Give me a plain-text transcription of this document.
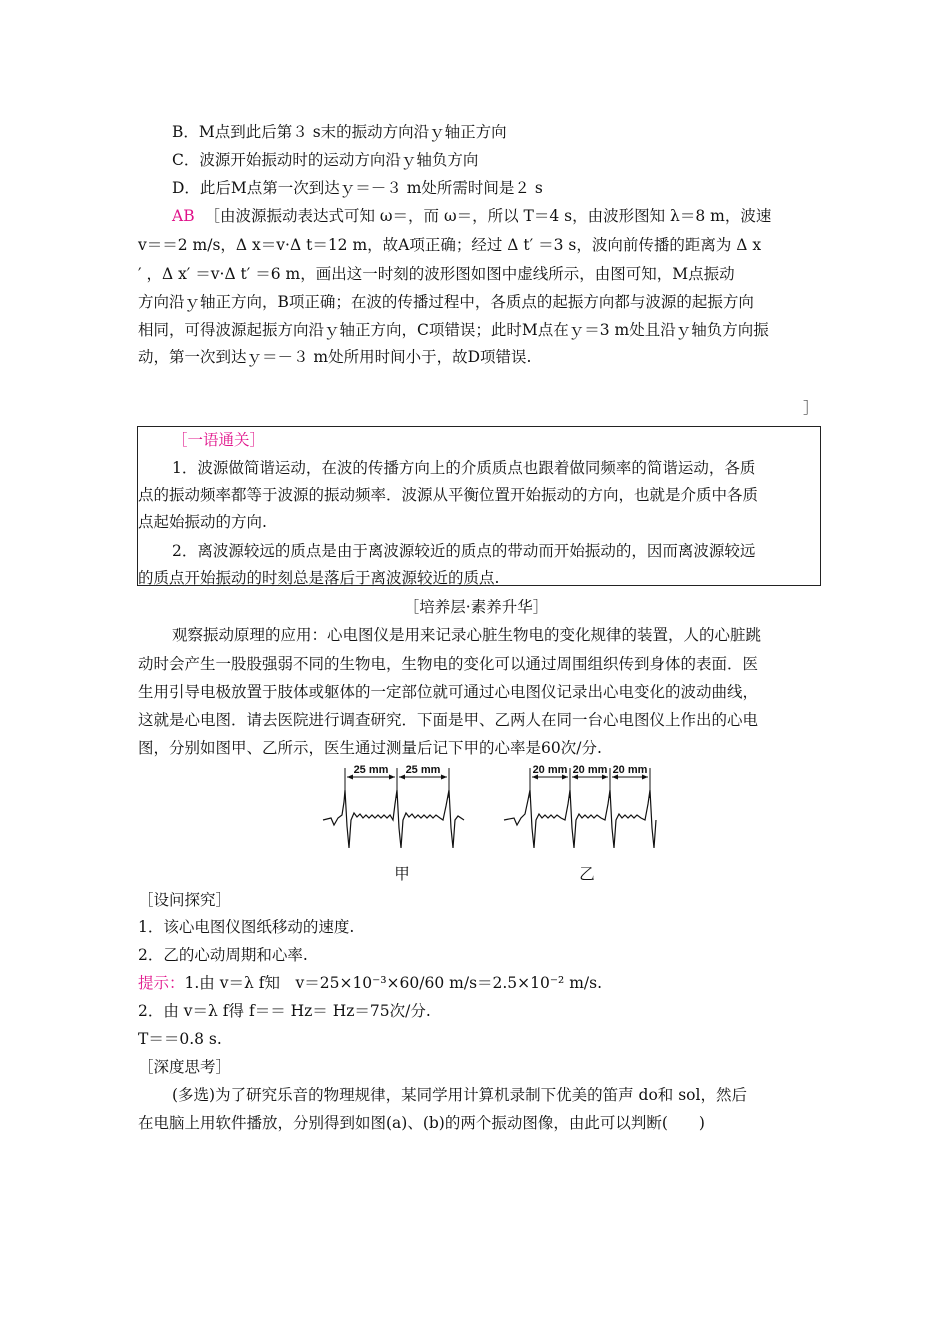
B．M点到此后第３ s末的振动方向沿ｙ轴正方向
C．波源开始振动时的运动方向沿ｙ轴负方向
D．此后M点第一次到达ｙ＝－３ m处所需时间是２ s
AB ［由波源振动表达式可知 ω＝，而 ω＝，所以 T＝4 s，由波形图知 λ＝8 m，波速
v＝＝2 m/s，Δ x＝v·Δ t＝12 m，故A项正确；经过 Δ t′ ＝3 s，波向前传播的距离为 Δ x
′ ，Δ x′ ＝v·Δ t′ ＝6 m，画出这一时刻的波形图如图中虚线所示，由图可知，M点振动
方向沿ｙ轴正方向，B项正确；在波的传播过程中，各质点的起振方向都与波源的起振方向
相同，可得波源起振方向沿ｙ轴正方向，C项错误；此时M点在ｙ＝3 m处且沿ｙ轴负方向振
动，第一次到达ｙ＝－３ m处所用时间小于，故D项错误.
］
［一语通关］
1．波源做简谐运动，在波的传播方向上的介质质点也跟着做同频率的简谐运动，各质
点的振动频率都等于波源的振动频率．波源从平衡位置开始振动的方向，也就是介质中各质
点起始振动的方向.
2．离波源较远的质点是由于离波源较近的质点的带动而开始振动的，因而离波源较远
的质点开始振动的时刻总是落后于离波源较近的质点.
［培养层·素养升华］
观察振动原理的应用：心电图仪是用来记录心脏生物电的变化规律的装置，人的心脏跳
动时会产生一股股强弱不同的生物电，生物电的变化可以通过周围组织传到身体的表面．医
生用引导电极放置于肢体或躯体的一定部位就可通过心电图仪记录出心电变化的波动曲线，
这就是心电图．请去医院进行调查研究．下面是甲、乙两人在同一台心电图仪上作出的心电
图，分别如图甲、乙所示，医生通过测量后记下甲的心率是60次/分.
25 mm 25 mm	20 mm 20 mm 20 mm
甲	乙
［设问探究］
1．该心电图仪图纸移动的速度.
2．乙的心动周期和心率.
提示：1.由 v＝λ f知　v＝25×10⁻³×60/60 m/s＝2.5×10⁻² m/s.
2．由 v＝λ f得 f＝＝ Hz＝ Hz＝75次/分.
T＝＝0.8 s.
［深度思考］
(多选)为了研究乐音的物理规律，某同学用计算机录制下优美的笛声 do和 sol，然后
在电脑上用软件播放，分别得到如图(a)、(b)的两个振动图像，由此可以判断(　　)
